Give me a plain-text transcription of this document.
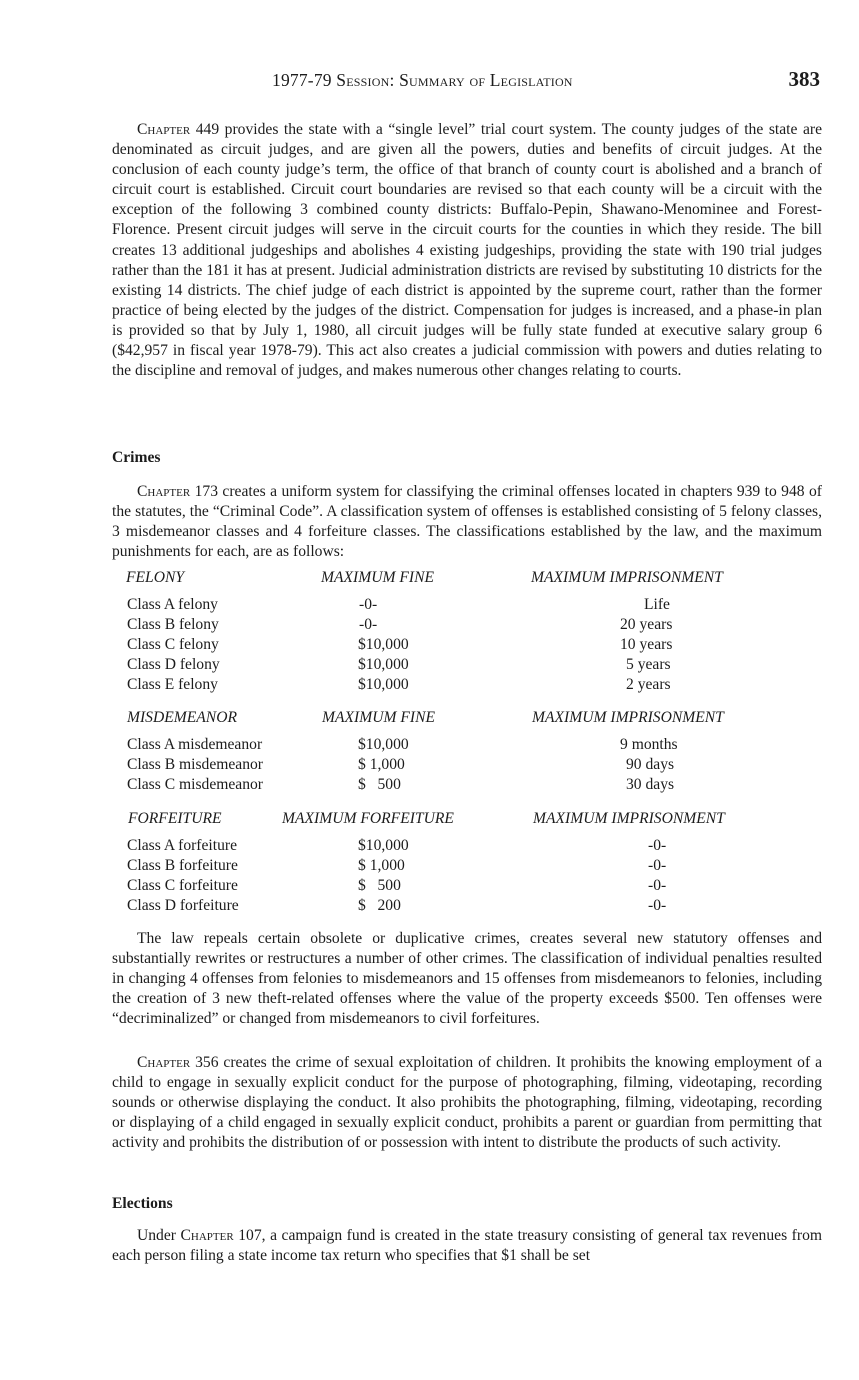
1977-79 Session: Summary of Legislation	383

Chapter 449 provides the state with a “single level” trial court system. The county judges of the state are denominated as circuit judges, and are given all the powers, duties and benefits of circuit judges. At the conclusion of each county judge’s term, the office of that branch of county court is abolished and a branch of circuit court is established. Circuit court boundaries are revised so that each county will be a circuit with the exception of the following 3 combined county districts: Buffalo-Pepin, Shawano-Menominee and Forest-Florence. Present circuit judges will serve in the circuit courts for the counties in which they reside. The bill creates 13 additional judgeships and abolishes 4 existing judgeships, providing the state with 190 trial judges rather than the 181 it has at present. Judicial administration districts are revised by substituting 10 districts for the existing 14 districts. The chief judge of each district is appointed by the supreme court, rather than the former practice of being elected by the judges of the district. Compensation for judges is increased, and a phase-in plan is provided so that by July 1, 1980, all circuit judges will be fully state funded at executive salary group 6 ($42,957 in fiscal year 1978-79). This act also creates a judicial commission with powers and duties relating to the discipline and removal of judges, and makes numerous other changes relating to courts.

Crimes

Chapter 173 creates a uniform system for classifying the criminal offenses located in chapters 939 to 948 of the statutes, the “Criminal Code”. A classification system of offenses is established consisting of 5 felony classes, 3 misdemeanor classes and 4 forfeiture classes. The classifications established by the law, and the maximum punishments for each, are as follows:

FELONY	MAXIMUM FINE	MAXIMUM IMPRISONMENT
Class A felony	-0-	Life
Class B felony	-0-	20 years
Class C felony	$10,000	10 years
Class D felony	$10,000	5 years
Class E felony	$10,000	2 years
MISDEMEANOR	MAXIMUM FINE	MAXIMUM IMPRISONMENT
Class A misdemeanor	$10,000	9 months
Class B misdemeanor	$ 1,000	90 days
Class C misdemeanor	$   500	30 days
FORFEITURE	MAXIMUM FORFEITURE	MAXIMUM IMPRISONMENT
Class A forfeiture	$10,000	-0-
Class B forfeiture	$ 1,000	-0-
Class C forfeiture	$   500	-0-
Class D forfeiture	$   200	-0-

The law repeals certain obsolete or duplicative crimes, creates several new statutory offenses and substantially rewrites or restructures a number of other crimes. The classification of individual penalties resulted in changing 4 offenses from felonies to misdemeanors and 15 offenses from misdemeanors to felonies, including the creation of 3 new theft-related offenses where the value of the property exceeds $500. Ten offenses were “decriminalized” or changed from misdemeanors to civil forfeitures.

Chapter 356 creates the crime of sexual exploitation of children. It prohibits the knowing employment of a child to engage in sexually explicit conduct for the purpose of photographing, filming, videotaping, recording sounds or otherwise displaying the conduct. It also prohibits the photographing, filming, videotaping, recording or displaying of a child engaged in sexually explicit conduct, prohibits a parent or guardian from permitting that activity and prohibits the distribution of or possession with intent to distribute the products of such activity.

Elections

Under Chapter 107, a campaign fund is created in the state treasury consisting of general tax revenues from each person filing a state income tax return who specifies that $1 shall be set
